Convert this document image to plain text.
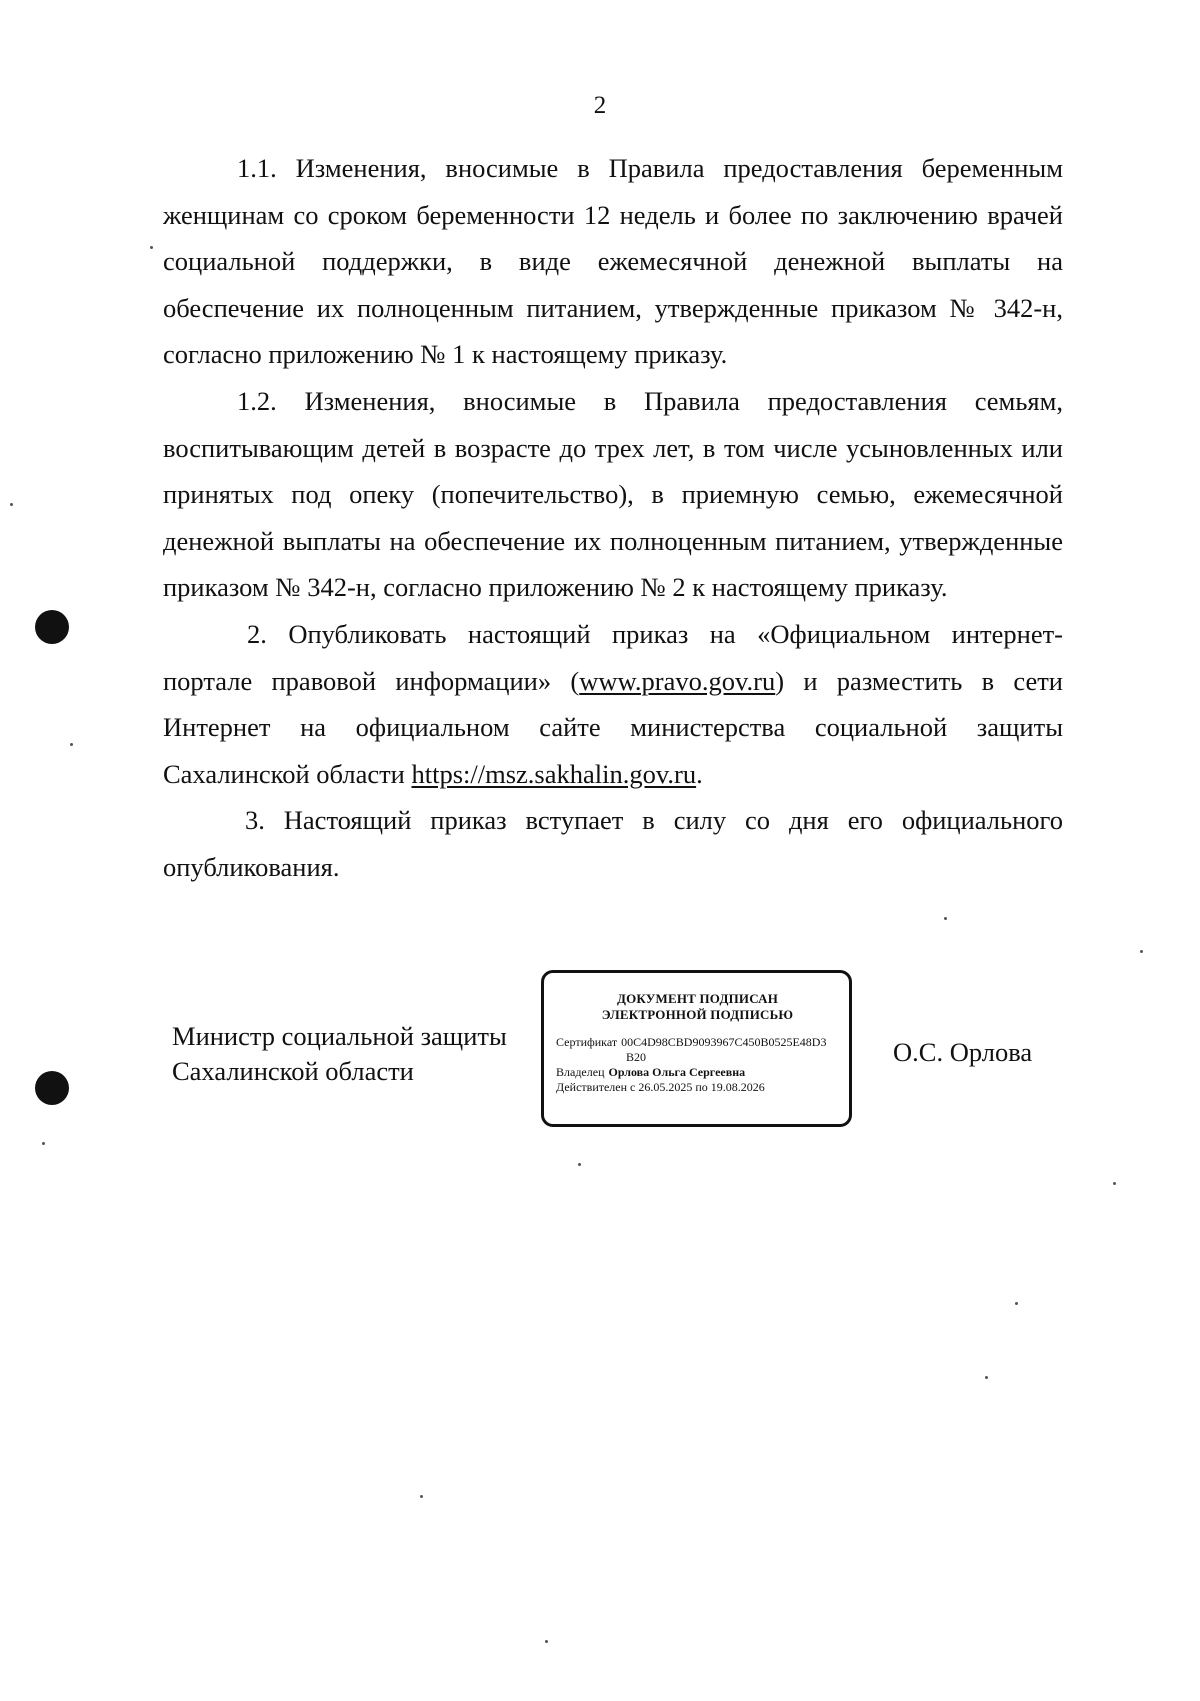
2

1.1. Изменения, вносимые в Правила предоставления беременным женщинам со сроком беременности 12 недель и более по заключению врачей социальной поддержки, в виде ежемесячной денежной выплаты на обеспечение их полноценным питанием, утвержденные приказом № 342-н, согласно приложению № 1 к настоящему приказу.

1.2. Изменения, вносимые в Правила предоставления семьям, воспитывающим детей в возрасте до трех лет, в том числе усыновленных или принятых под опеку (попечительство), в приемную семью, ежемесячной денежной выплаты на обеспечение их полноценным питанием, утвержденные приказом № 342-н, согласно приложению № 2 к настоящему приказу.

2. Опубликовать настоящий приказ на «Официальном интернет-портале правовой информации» (www.pravo.gov.ru) и разместить в сети Интернет на официальном сайте министерства социальной защиты Сахалинской области https://msz.sakhalin.gov.ru.

3. Настоящий приказ вступает в силу со дня его официального опубликования.

Министр социальной защиты
Сахалинской области
ДОКУМЕНТ ПОДПИСАН
ЭЛЕКТРОННОЙ ПОДПИСЬЮ
Сертификат 00C4D98CBD9093967C450B0525E48D3
B20
Владелец Орлова Ольга Сергеевна
Действителен с 26.05.2025 по 19.08.2026
О.С. Орлова
